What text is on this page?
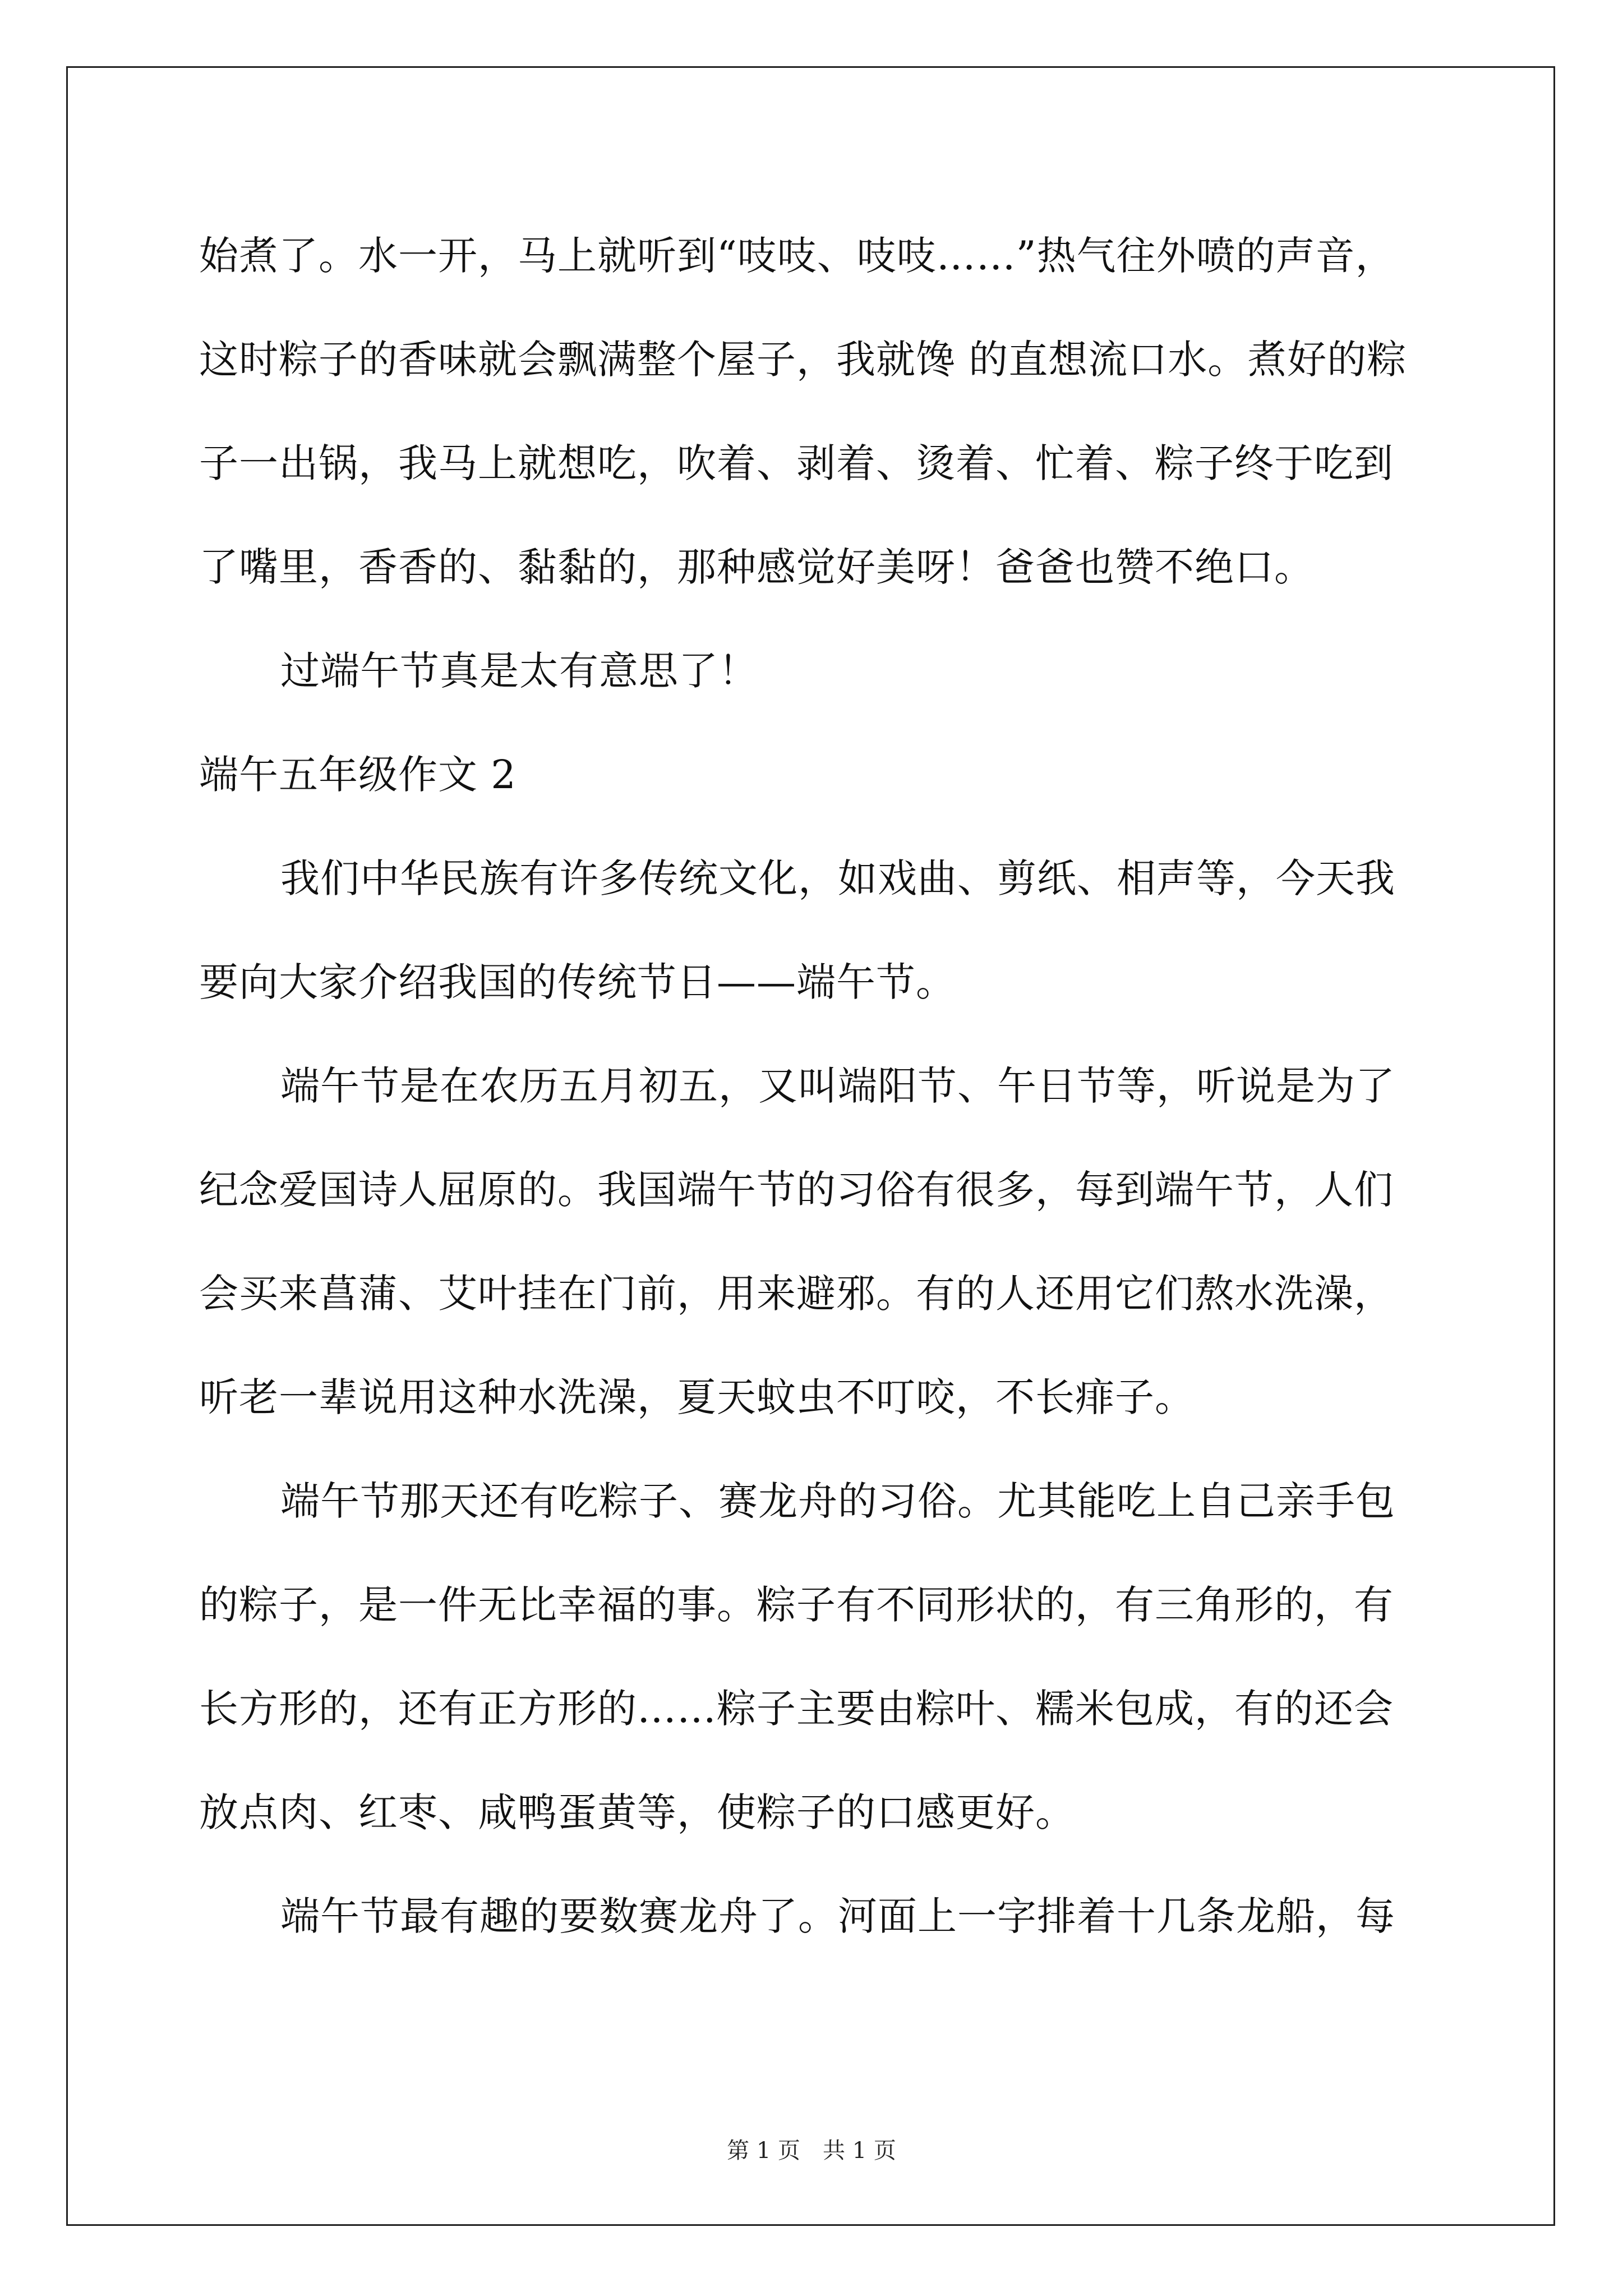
始煮了。水一开，马上就听到“吱吱、吱吱……”热气往外喷的声音，
这时粽子的香味就会飘满整个屋子，我就馋 的直想流口水。煮好的粽
子一出锅，我马上就想吃，吹着、剥着、烫着、忙着、粽子终于吃到
了嘴里，香香的、黏黏的，那种感觉好美呀！爸爸也赞不绝口。
过端午节真是太有意思了！
端午五年级作文 2
我们中华民族有许多传统文化，如戏曲、剪纸、相声等，今天我
要向大家介绍我国的传统节日——端午节。
端午节是在农历五月初五，又叫端阳节、午日节等，听说是为了
纪念爱国诗人屈原的。我国端午节的习俗有很多，每到端午节，人们
会买来菖蒲、艾叶挂在门前，用来避邪。有的人还用它们熬水洗澡，
听老一辈说用这种水洗澡，夏天蚊虫不叮咬，不长痱子。
端午节那天还有吃粽子、赛龙舟的习俗。尤其能吃上自己亲手包
的粽子，是一件无比幸福的事。粽子有不同形状的，有三角形的，有
长方形的，还有正方形的……粽子主要由粽叶、糯米包成，有的还会
放点肉、红枣、咸鸭蛋黄等，使粽子的口感更好。
端午节最有趣的要数赛龙舟了。河面上一字排着十几条龙船，每
第 1 页　共 1 页
